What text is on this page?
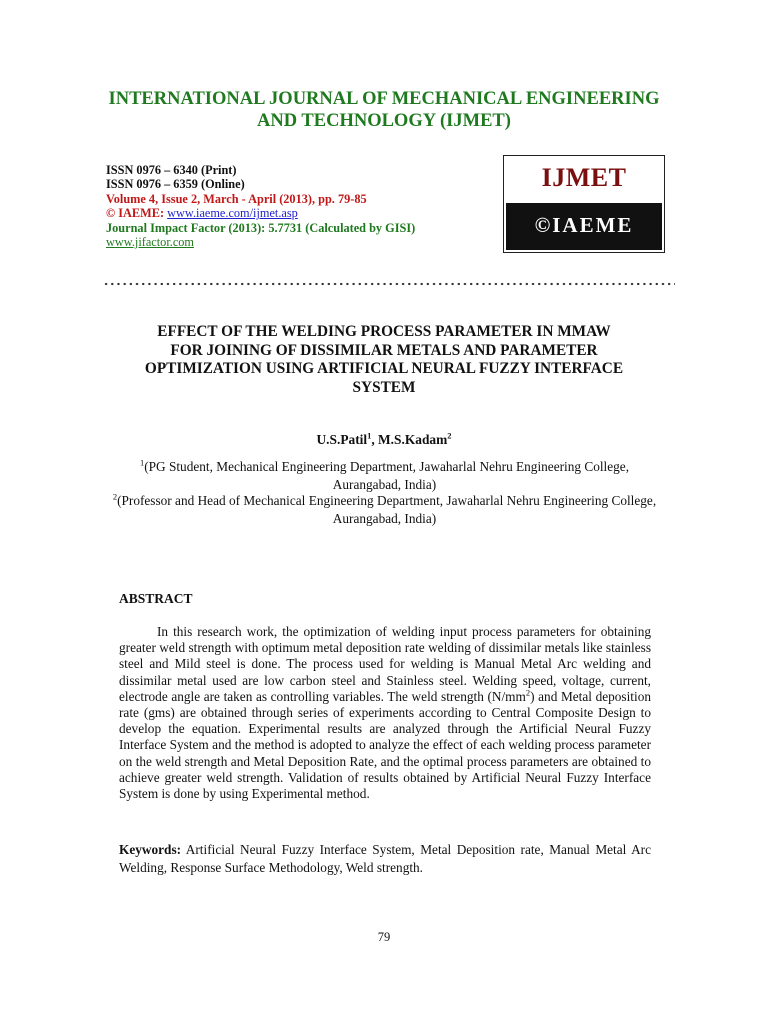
INTERNATIONAL JOURNAL OF MECHANICAL ENGINEERING
AND TECHNOLOGY (IJMET)
ISSN 0976 – 6340 (Print)
ISSN 0976 – 6359 (Online)
Volume 4, Issue 2, March - April (2013), pp. 79-85
© IAEME: www.iaeme.com/ijmet.asp
Journal Impact Factor (2013): 5.7731 (Calculated by GISI)
www.jifactor.com
IJMET
©IAEME
EFFECT OF THE WELDING PROCESS PARAMETER IN MMAW
FOR JOINING OF DISSIMILAR METALS AND PARAMETER
OPTIMIZATION USING ARTIFICIAL NEURAL FUZZY INTERFACE
SYSTEM
U.S.Patil$^1$, M.S.Kadam$^2$
$^1$(PG Student, Mechanical Engineering Department, Jawaharlal Nehru Engineering College, Aurangabad, India)
$^2$(Professor and Head of Mechanical Engineering Department, Jawaharlal Nehru Engineering College, Aurangabad, India)
ABSTRACT
In this research work, the optimization of welding input process parameters for obtaining greater weld strength with optimum metal deposition rate welding of dissimilar metals like stainless steel and Mild steel is done. The process used for welding is Manual Metal Arc welding and dissimilar metal used are low carbon steel and Stainless steel. Welding speed, voltage, current, electrode angle are taken as controlling variables. The weld strength $(N/mm^2)$ and Metal deposition rate (gms) are obtained through series of experiments according to Central Composite Design to develop the equation. Experimental results are analyzed through the Artificial Neural Fuzzy Interface System and the method is adopted to analyze the effect of each welding process parameter on the weld strength and Metal Deposition Rate, and the optimal process parameters are obtained to achieve greater weld strength. Validation of results obtained by Artificial Neural Fuzzy Interface System is done by using Experimental method.
Keywords: Artificial Neural Fuzzy Interface System, Metal Deposition rate, Manual Metal Arc Welding, Response Surface Methodology, Weld strength.
79
